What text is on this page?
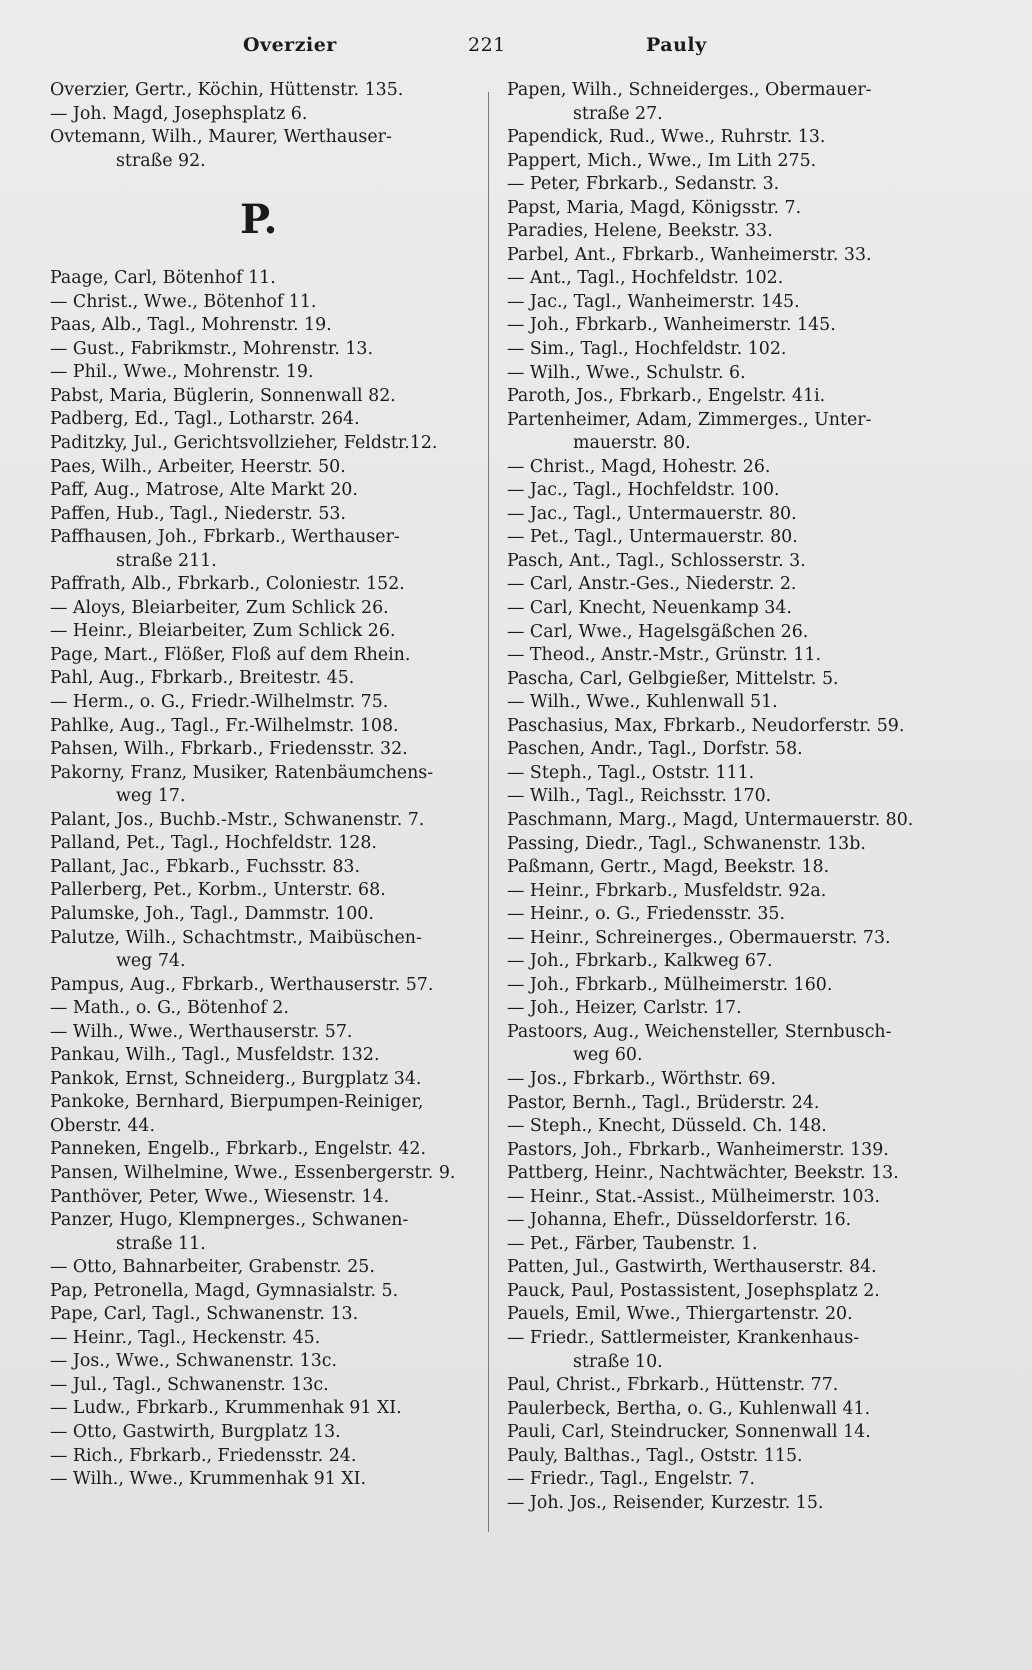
Overzier	221	Pauly
Overzier, Gertr., Köchin, Hüttenstr. 135.
— Joh. Magd, Josephsplatz 6.
Ovtemann, Wilh., Maurer, Werthauser-
straße 92.
P.
Paage, Carl, Bötenhof 11.
— Christ., Wwe., Bötenhof 11.
Paas, Alb., Tagl., Mohrenstr. 19.
— Gust., Fabrikmstr., Mohrenstr. 13.
— Phil., Wwe., Mohrenstr. 19.
Pabst, Maria, Büglerin, Sonnenwall 82.
Padberg, Ed., Tagl., Lotharstr. 264.
Paditzky, Jul., Gerichtsvollzieher, Feldstr.12.
Paes, Wilh., Arbeiter, Heerstr. 50.
Paff, Aug., Matrose, Alte Markt 20.
Paffen, Hub., Tagl., Niederstr. 53.
Paffhausen, Joh., Fbrkarb., Werthauser-
straße 211.
Paffrath, Alb., Fbrkarb., Coloniestr. 152.
— Aloys, Bleiarbeiter, Zum Schlick 26.
— Heinr., Bleiarbeiter, Zum Schlick 26.
Page, Mart., Flößer, Floß auf dem Rhein.
Pahl, Aug., Fbrkarb., Breitestr. 45.
— Herm., o. G., Friedr.-Wilhelmstr. 75.
Pahlke, Aug., Tagl., Fr.-Wilhelmstr. 108.
Pahsen, Wilh., Fbrkarb., Friedensstr. 32.
Pakorny, Franz, Musiker, Ratenbäumchens-
weg 17.
Palant, Jos., Buchb.-Mstr., Schwanenstr. 7.
Palland, Pet., Tagl., Hochfeldstr. 128.
Pallant, Jac., Fbkarb., Fuchsstr. 83.
Pallerberg, Pet., Korbm., Unterstr. 68.
Palumske, Joh., Tagl., Dammstr. 100.
Palutze, Wilh., Schachtmstr., Maibüschen-
weg 74.
Pampus, Aug., Fbrkarb., Werthauserstr. 57.
— Math., o. G., Bötenhof 2.
— Wilh., Wwe., Werthauserstr. 57.
Pankau, Wilh., Tagl., Musfeldstr. 132.
Pankok, Ernst, Schneiderg., Burgplatz 34.
Pankoke, Bernhard, Bierpumpen-Reiniger,
Oberstr. 44.
Panneken, Engelb., Fbrkarb., Engelstr. 42.
Pansen, Wilhelmine, Wwe., Essenbergerstr. 9.
Panthöver, Peter, Wwe., Wiesenstr. 14.
Panzer, Hugo, Klempnerges., Schwanen-
straße 11.
— Otto, Bahnarbeiter, Grabenstr. 25.
Pap, Petronella, Magd, Gymnasialstr. 5.
Pape, Carl, Tagl., Schwanenstr. 13.
— Heinr., Tagl., Heckenstr. 45.
— Jos., Wwe., Schwanenstr. 13c.
— Jul., Tagl., Schwanenstr. 13c.
— Ludw., Fbrkarb., Krummenhak 91 XI.
— Otto, Gastwirth, Burgplatz 13.
— Rich., Fbrkarb., Friedensstr. 24.
— Wilh., Wwe., Krummenhak 91 XI.
Papen, Wilh., Schneiderges., Obermauer-
straße 27.
Papendick, Rud., Wwe., Ruhrstr. 13.
Pappert, Mich., Wwe., Im Lith 275.
— Peter, Fbrkarb., Sedanstr. 3.
Papst, Maria, Magd, Königsstr. 7.
Paradies, Helene, Beekstr. 33.
Parbel, Ant., Fbrkarb., Wanheimerstr. 33.
— Ant., Tagl., Hochfeldstr. 102.
— Jac., Tagl., Wanheimerstr. 145.
— Joh., Fbrkarb., Wanheimerstr. 145.
— Sim., Tagl., Hochfeldstr. 102.
— Wilh., Wwe., Schulstr. 6.
Paroth, Jos., Fbrkarb., Engelstr. 41i.
Partenheimer, Adam, Zimmerges., Unter-
mauerstr. 80.
— Christ., Magd, Hohestr. 26.
— Jac., Tagl., Hochfeldstr. 100.
— Jac., Tagl., Untermauerstr. 80.
— Pet., Tagl., Untermauerstr. 80.
Pasch, Ant., Tagl., Schlosserstr. 3.
— Carl, Anstr.-Ges., Niederstr. 2.
— Carl, Knecht, Neuenkamp 34.
— Carl, Wwe., Hagelsgäßchen 26.
— Theod., Anstr.-Mstr., Grünstr. 11.
Pascha, Carl, Gelbgießer, Mittelstr. 5.
— Wilh., Wwe., Kuhlenwall 51.
Paschasius, Max, Fbrkarb., Neudorferstr. 59.
Paschen, Andr., Tagl., Dorfstr. 58.
— Steph., Tagl., Oststr. 111.
— Wilh., Tagl., Reichsstr. 170.
Paschmann, Marg., Magd, Untermauerstr. 80.
Passing, Diedr., Tagl., Schwanenstr. 13b.
Paßmann, Gertr., Magd, Beekstr. 18.
— Heinr., Fbrkarb., Musfeldstr. 92a.
— Heinr., o. G., Friedensstr. 35.
— Heinr., Schreinerges., Obermauerstr. 73.
— Joh., Fbrkarb., Kalkweg 67.
— Joh., Fbrkarb., Mülheimerstr. 160.
— Joh., Heizer, Carlstr. 17.
Pastoors, Aug., Weichensteller, Sternbusch-
weg 60.
— Jos., Fbrkarb., Wörthstr. 69.
Pastor, Bernh., Tagl., Brüderstr. 24.
— Steph., Knecht, Düsseld. Ch. 148.
Pastors, Joh., Fbrkarb., Wanheimerstr. 139.
Pattberg, Heinr., Nachtwächter, Beekstr. 13.
— Heinr., Stat.-Assist., Mülheimerstr. 103.
— Johanna, Ehefr., Düsseldorferstr. 16.
— Pet., Färber, Taubenstr. 1.
Patten, Jul., Gastwirth, Werthauserstr. 84.
Pauck, Paul, Postassistent, Josephsplatz 2.
Pauels, Emil, Wwe., Thiergartenstr. 20.
— Friedr., Sattlermeister, Krankenhaus-
straße 10.
Paul, Christ., Fbrkarb., Hüttenstr. 77.
Paulerbeck, Bertha, o. G., Kuhlenwall 41.
Pauli, Carl, Steindrucker, Sonnenwall 14.
Pauly, Balthas., Tagl., Oststr. 115.
— Friedr., Tagl., Engelstr. 7.
— Joh. Jos., Reisender, Kurzestr. 15.
